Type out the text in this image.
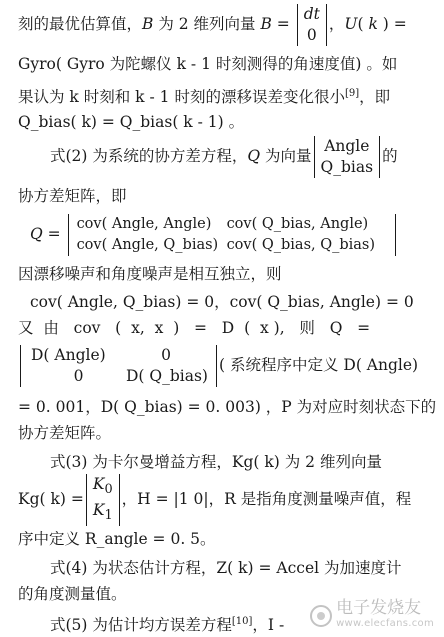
刻的最优估算值，B 为 2 维列向量 B =
dt
0
，U( k ) =
Gyro( Gyro 为陀螺仪 k - 1 时刻测得的角速度值) 。如
果认为 k 时刻和 k - 1 时刻的漂移误差变化很小[9]，即
Q_bias( k) = Q_bias( k - 1) 。
式(2) 为系统的协方差方程，Q 为向量
Angle
Q_bias
的
协方差矩阵，即
Q =
cov( Angle, Angle) cov( Q_bias, Angle)
cov( Angle, Q_bias) cov( Q_bias, Q_bias)
因漂移噪声和角度噪声是相互独立，则
cov( Angle, Q_bias) = 0，cov( Q_bias, Angle) = 0
又  由   cov   (  x,  x  )   =   D  (  x ),   则   Q   =
D( Angle)	0
0	D( Q_bias)
( 系统程序中定义 D( Angle)
= 0. 001，D( Q_bias) = 0. 003) ，P 为对应时刻状态下的
协方差矩阵。
式(3) 为卡尔曼增益方程，Kg( k) 为 2 维列向量
Kg( k) =
$K_0$
$K_1$
，H = |1 0|，R 是指角度测量噪声值，程
序中定义 R_angle = 0. 5。
式(4) 为状态估计方程，Z( k) = Accel 为加速度计
的角度测量值。
式(5) 为估计均方误差方程[10]，I -
电子发烧友
www.elecfans.com
